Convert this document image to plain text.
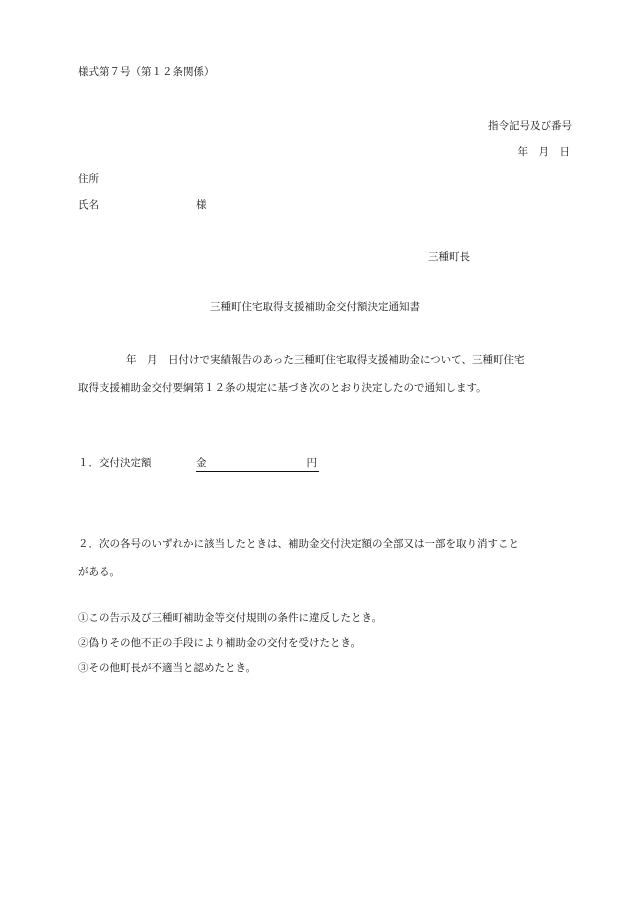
様式第７号（第１２条関係）
指令記号及び番号
年　月　日
住所
氏名	様
三種町長
三種町住宅取得支援補助金交付額決定通知書
年　月　日付けで実績報告のあった三種町住宅取得支援補助金について、三種町住宅
取得支援補助金交付要綱第１２条の規定に基づき次のとおり決定したので通知します。
１．交付決定額	金	円
２．次の各号のいずれかに該当したときは、補助金交付決定額の全部又は一部を取り消すこと
がある。
①この告示及び三種町補助金等交付規則の条件に違反したとき。
②偽りその他不正の手段により補助金の交付を受けたとき。
③その他町長が不適当と認めたとき。
